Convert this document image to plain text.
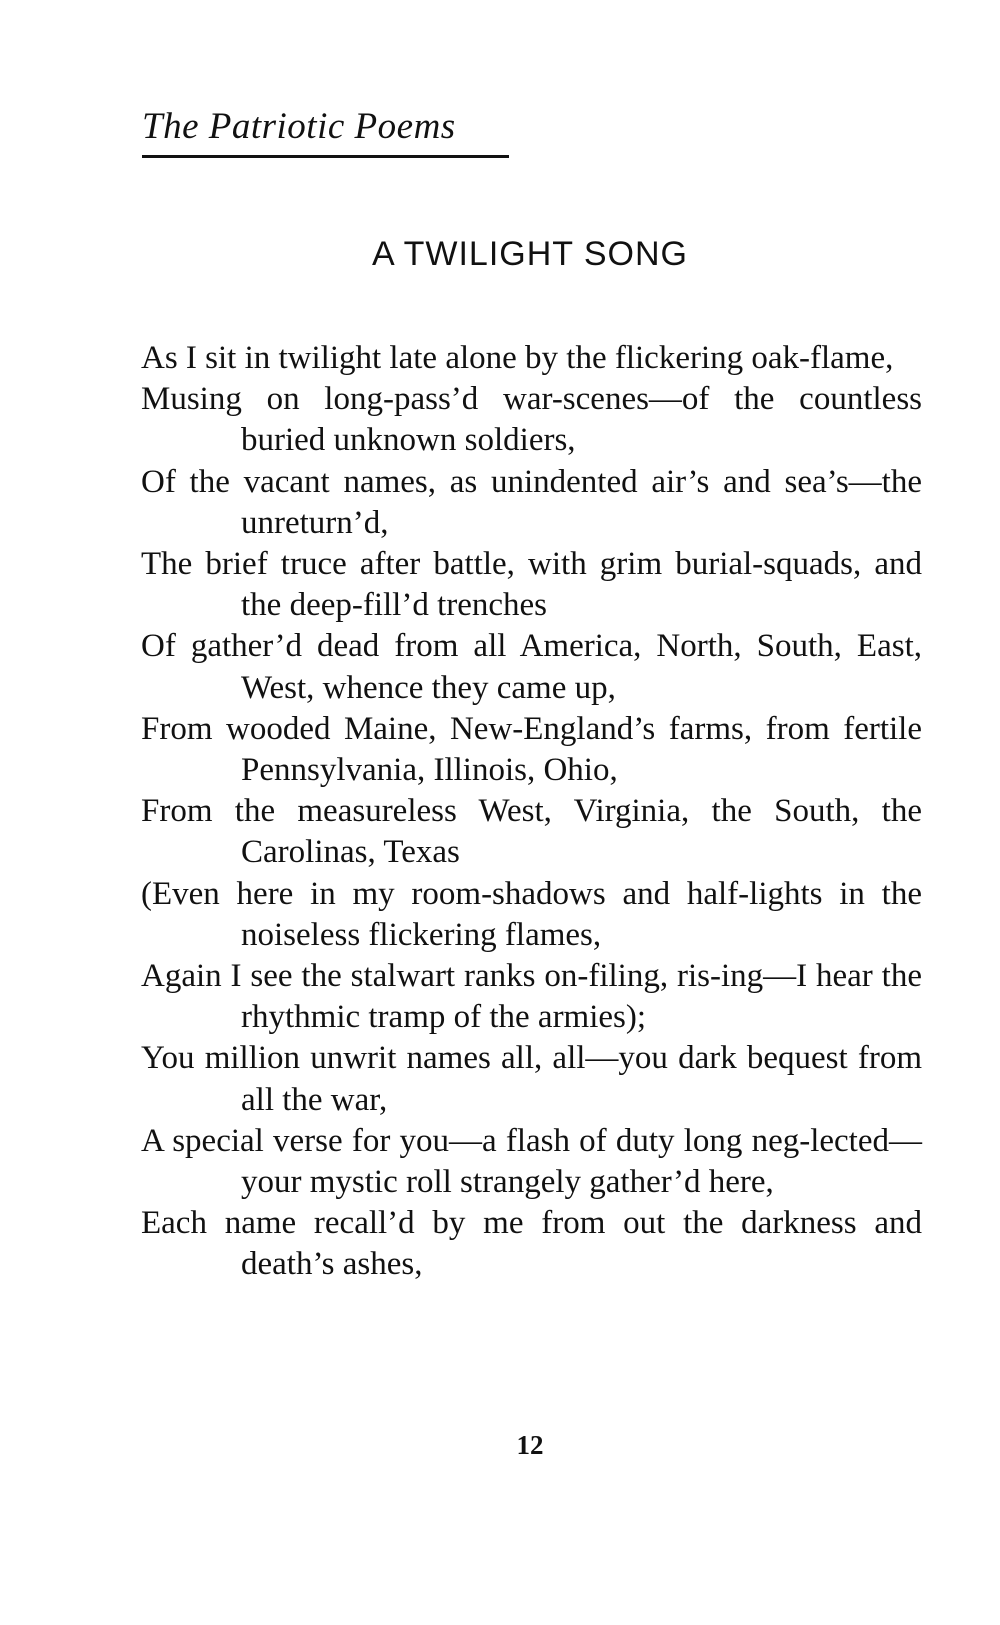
The Patriotic Poems
A TWILIGHT SONG
As I sit in twilight late alone by the flickering oak-flame,
Musing on long-pass’d war-scenes—of the countless buried unknown soldiers,
Of the vacant names, as unindented air’s and sea’s—the unreturn’d,
The brief truce after battle, with grim burial-squads, and the deep-fill’d trenches
Of gather’d dead from all America, North, South, East, West, whence they came up,
From wooded Maine, New-England’s farms, from fertile Pennsylvania, Illinois, Ohio,
From the measureless West, Virginia, the South, the Carolinas, Texas
(Even here in my room-shadows and half-lights in the noiseless flickering flames,
Again I see the stalwart ranks on-filing, ris-ing—I hear the rhythmic tramp of the armies);
You million unwrit names all, all—you dark bequest from all the war,
A special verse for you—a flash of duty long neg-lected—your mystic roll strangely gather’d here,
Each name recall’d by me from out the darkness and death’s ashes,
12
